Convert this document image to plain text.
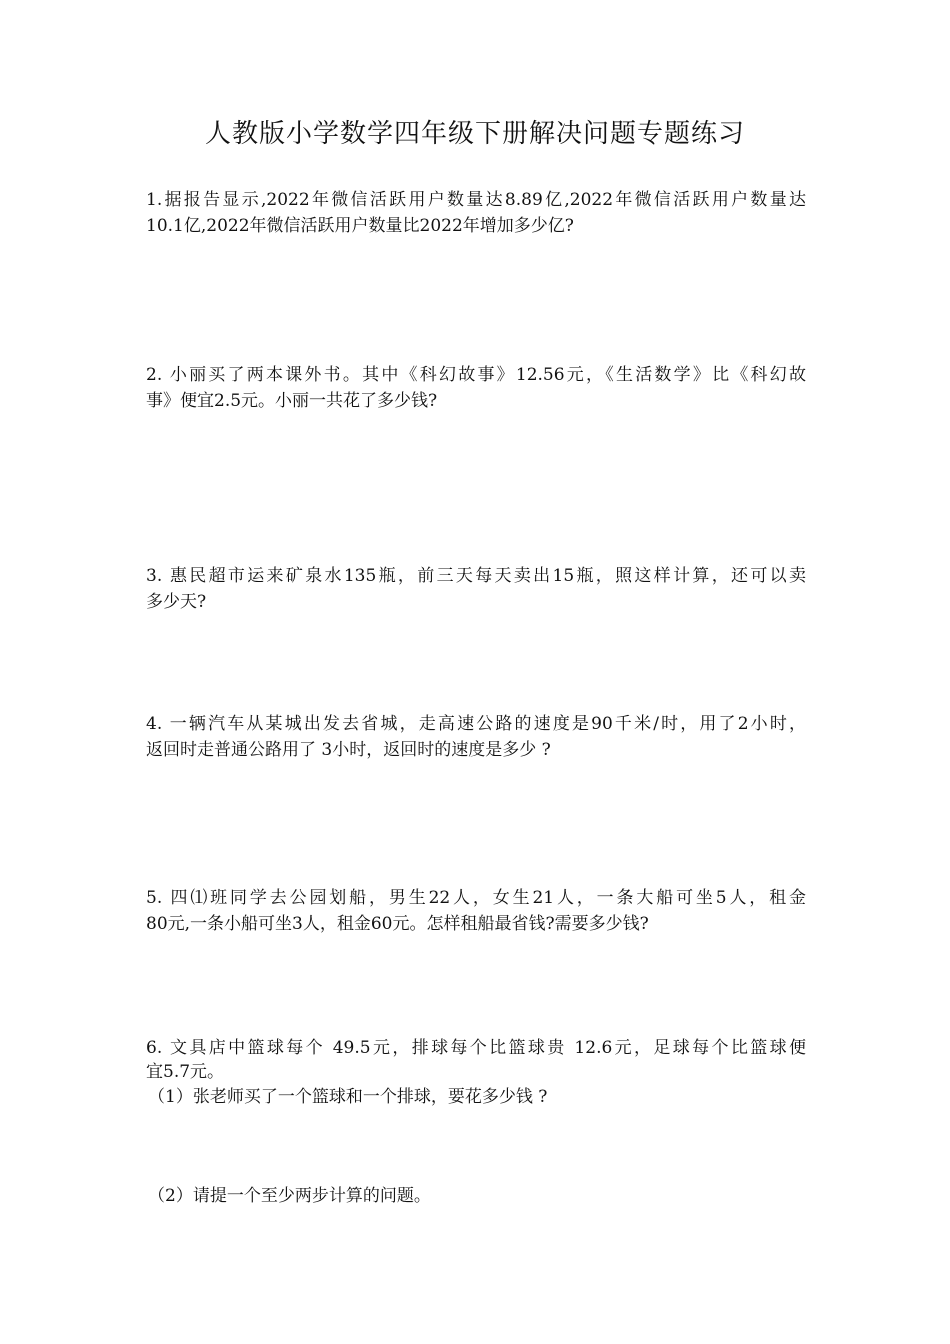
人教版小学数学四年级下册解决问题专题练习
1.据报告显示,2022年微信活跃用户数量达8.89亿,2022年微信活跃用户数量达
10.1亿,2022年微信活跃用户数量比2022年增加多少亿?
2. 小丽买了两本课外书。其中《科幻故事》12.56元，《生活数学》比《科幻故
事》便宜2.5元。小丽一共花了多少钱?
3. 惠民超市运来矿泉水135瓶，前三天每天卖出15瓶，照这样计算，还可以卖
多少天?
4. 一辆汽车从某城出发去省城，走高速公路的速度是90千米/时，用了2小时，
返回时走普通公路用了 3小时，返回时的速度是多少 ?
5. 四⑴班同学去公园划船，男生22人，女生21人，一条大船可坐5人，租金
80元,一条小船可坐3人，租金60元。怎样租船最省钱?需要多少钱?
6. 文具店中篮球每个 49.5元，排球每个比篮球贵 12.6元，足球每个比篮球便
宜5.7元。
（1）张老师买了一个篮球和一个排球，要花多少钱 ?
（2）请提一个至少两步计算的问题。
